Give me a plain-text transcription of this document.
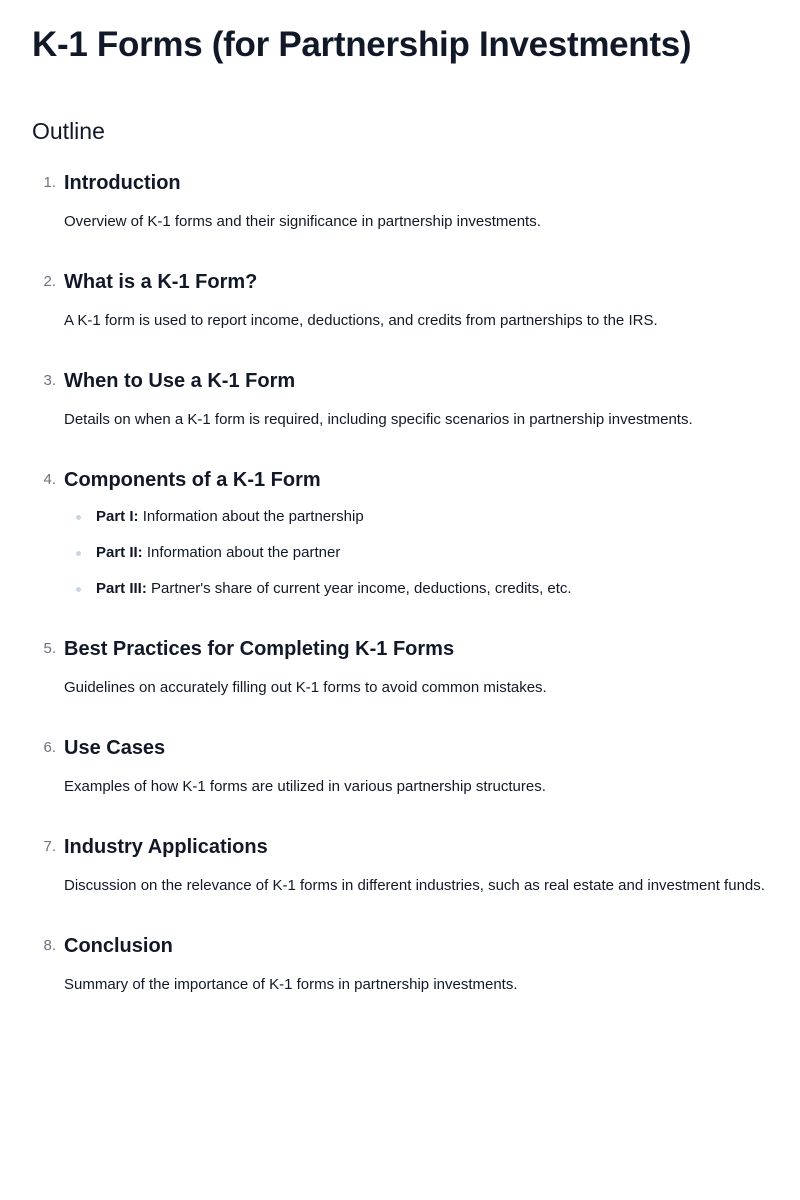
K-1 Forms (for Partnership Investments)
Outline
1. Introduction

Overview of K-1 forms and their significance in partnership investments.

2. What is a K-1 Form?

A K-1 form is used to report income, deductions, and credits from partnerships to the IRS.

3. When to Use a K-1 Form

Details on when a K-1 form is required, including specific scenarios in partnership investments.

4. Components of a K-1 Form
Part I: Information about the partnership
Part II: Information about the partner
Part III: Partner's share of current year income, deductions, credits, etc.
5. Best Practices for Completing K-1 Forms

Guidelines on accurately filling out K-1 forms to avoid common mistakes.

6. Use Cases

Examples of how K-1 forms are utilized in various partnership structures.

7. Industry Applications

Discussion on the relevance of K-1 forms in different industries, such as real estate and investment funds.

8. Conclusion

Summary of the importance of K-1 forms in partnership investments.
